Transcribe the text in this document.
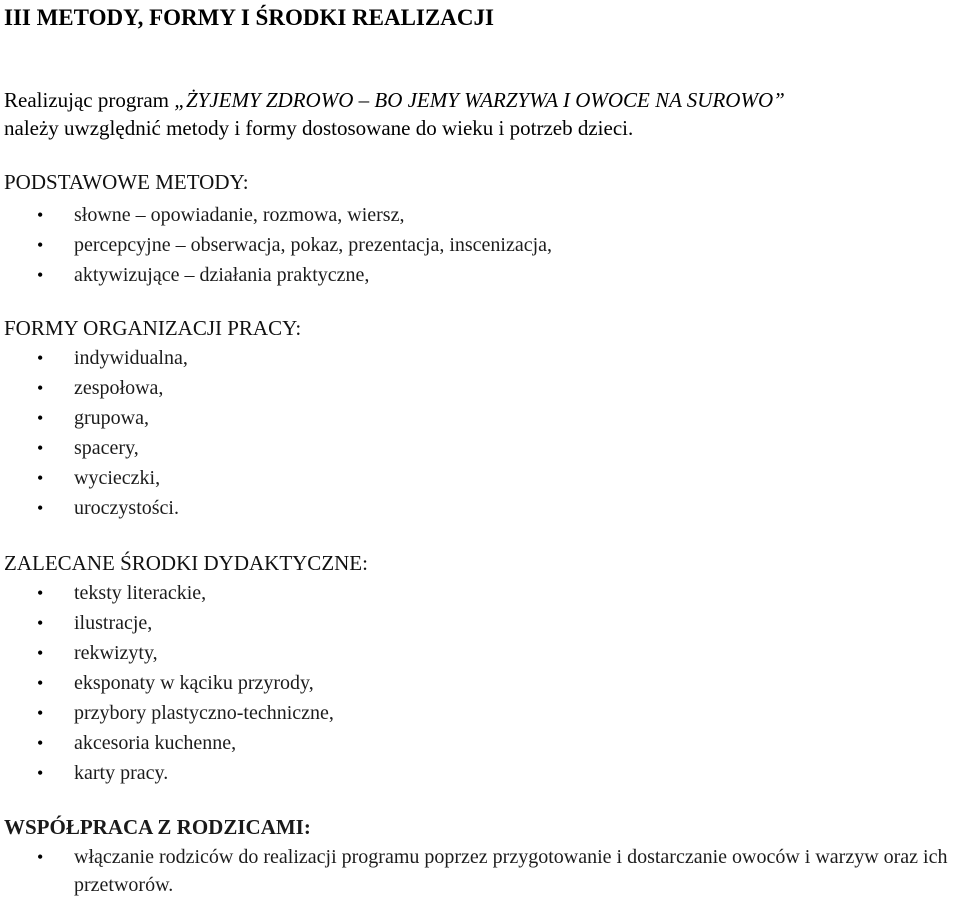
III METODY, FORMY I ŚRODKI REALIZACJI
Realizując program „ŻYJEMY ZDROWO – BO JEMY WARZYWA I OWOCE NA SUROWO”
należy uwzględnić metody i formy dostosowane do wieku i potrzeb dzieci.
PODSTAWOWE METODY:
• słowne – opowiadanie, rozmowa, wiersz,
• percepcyjne – obserwacja, pokaz, prezentacja, inscenizacja,
• aktywizujące – działania praktyczne,
FORMY ORGANIZACJI PRACY:
• indywidualna,
• zespołowa,
• grupowa,
• spacery,
• wycieczki,
• uroczystości.
ZALECANE ŚRODKI DYDAKTYCZNE:
• teksty literackie,
• ilustracje,
• rekwizyty,
• eksponaty w kąciku przyrody,
• przybory plastyczno-techniczne,
• akcesoria kuchenne,
• karty pracy.
WSPÓŁPRACA Z RODZICAMI:
• włączanie rodziców do realizacji programu poprzez przygotowanie i dostarczanie owoców i warzyw oraz ich przetworów.
